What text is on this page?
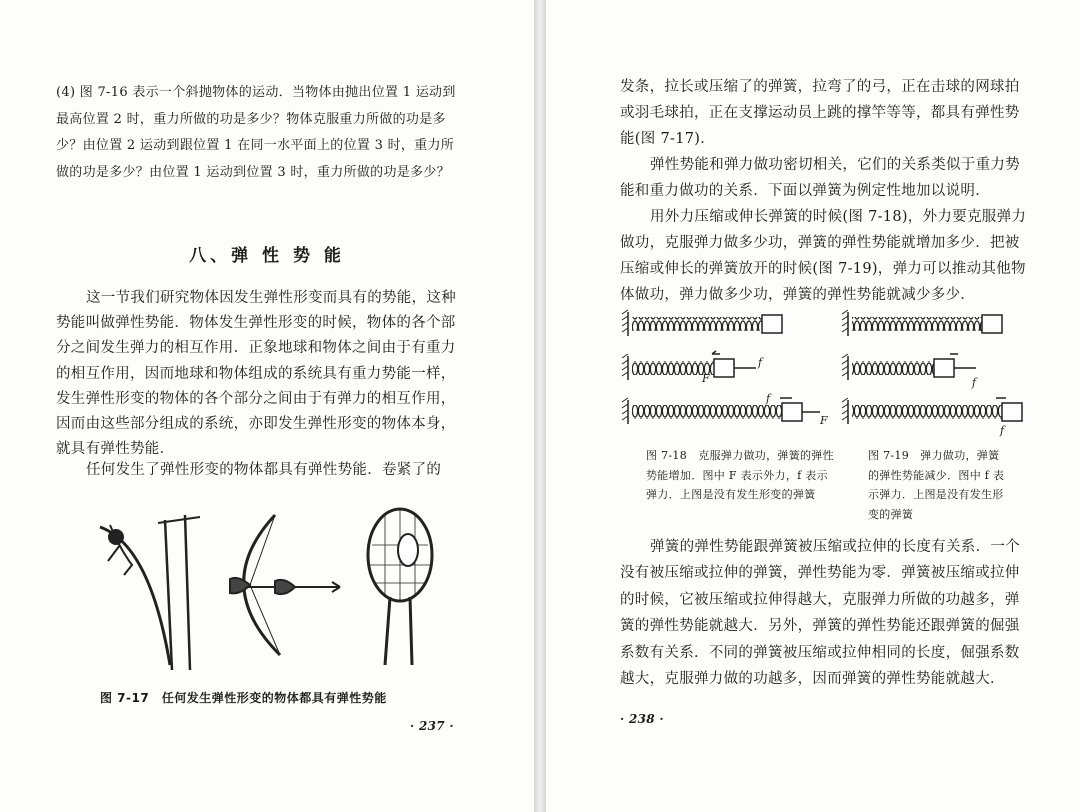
(4) 图 7-16 表示一个斜抛物体的运动．当物体由抛出位置 1 运动到最高位置 2 时，重力所做的功是多少？物体克服重力所做的功是多少？由位置 2 运动到跟位置 1 在同一水平面上的位置 3 时，重力所做的功是多少？由位置 1 运动到位置 3 时，重力所做的功是多少？
八、弹 性 势 能
这一节我们研究物体因发生弹性形变而具有的势能，这种势能叫做弹性势能．物体发生弹性形变的时候，物体的各个部分之间发生弹力的相互作用．正象地球和物体之间由于有重力的相互作用，因而地球和物体组成的系统具有重力势能一样，发生弹性形变的物体的各个部分之间由于有弹力的相互作用，因而由这些部分组成的系统，亦即发生弹性形变的物体本身，就具有弹性势能．
任何发生了弹性形变的物体都具有弹性势能．卷紧了的
图 7-17　任何发生弹性形变的物体都具有弹性势能
· 237 ·
发条，拉长或压缩了的弹簧，拉弯了的弓，正在击球的网球拍或羽毛球拍，正在支撑运动员上跳的撑竿等等，都具有弹性势能(图 7-17)．
弹性势能和弹力做功密切相关，它们的关系类似于重力势能和重力做功的关系．下面以弹簧为例定性地加以说明．
用外力压缩或伸长弹簧的时候(图 7-18)，外力要克服弹力做功，克服弹力做多少功，弹簧的弹性势能就增加多少．把被压缩或伸长的弹簧放开的时候(图 7-19)，弹力可以推动其他物体做功，弹力做多少功，弹簧的弹性势能就减少多少．
f
F
f
F
f
f
图 7-18　克服弹力做功，弹簧的弹性势能增加．图中 F 表示外力，f 表示弹力．上图是没有发生形变的弹簧
图 7-19　弹力做功，弹簧的弹性势能减少．图中 f 表示弹力．上图是没有发生形变的弹簧
弹簧的弹性势能跟弹簧被压缩或拉伸的长度有关系．一个没有被压缩或拉伸的弹簧，弹性势能为零．弹簧被压缩或拉伸的时候，它被压缩或拉伸得越大，克服弹力所做的功越多，弹簧的弹性势能就越大．另外，弹簧的弹性势能还跟弹簧的倔强系数有关系．不同的弹簧被压缩或拉伸相同的长度，倔强系数越大，克服弹力做的功越多，因而弹簧的弹性势能就越大．
· 238 ·
